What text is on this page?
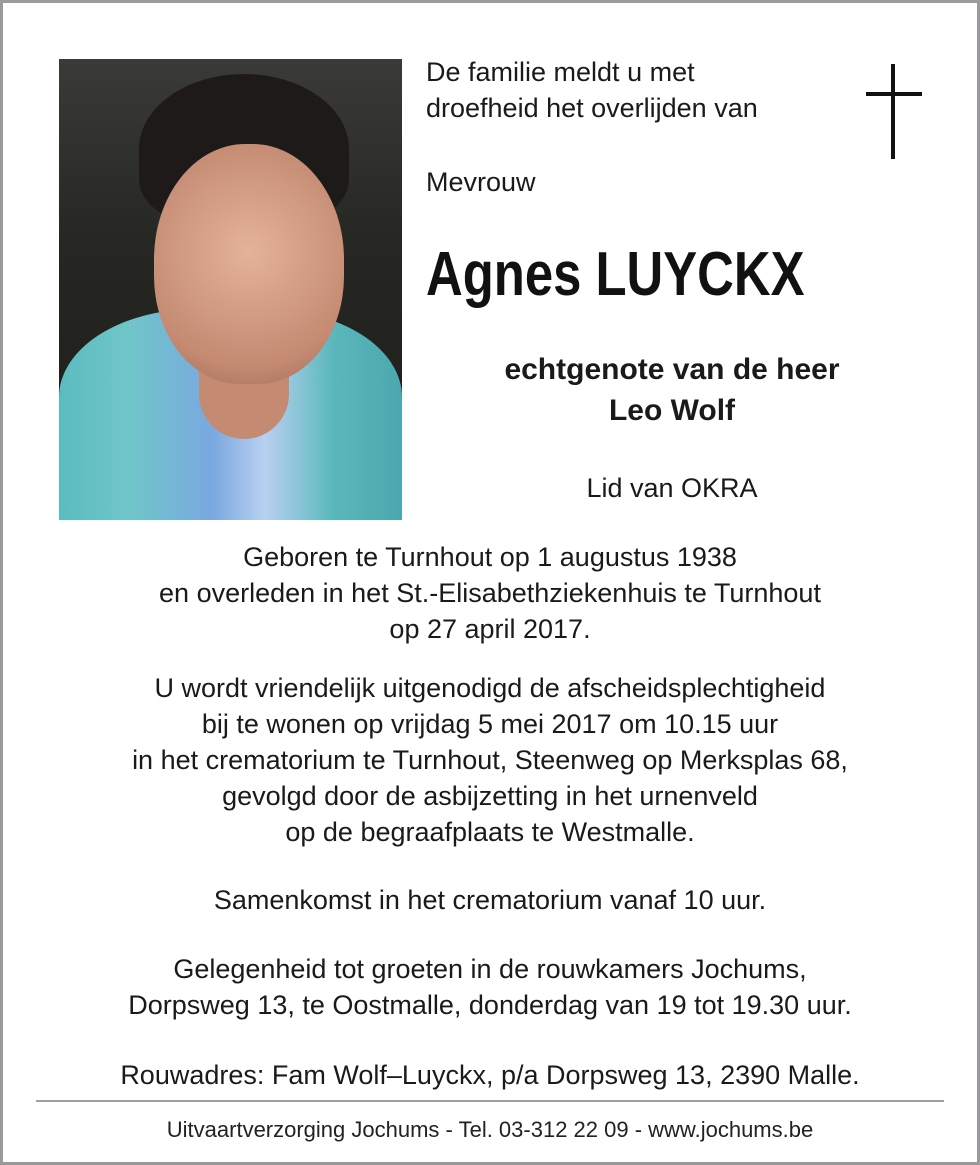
De familie meldt u met
droefheid het overlijden van
Mevrouw
Agnes LUYCKX
echtgenote van de heer
Leo Wolf
Lid van OKRA
Geboren te Turnhout op 1 augustus 1938
en overleden in het St.-Elisabethziekenhuis te Turnhout
op 27 april 2017.
U wordt vriendelijk uitgenodigd de afscheidsplechtigheid
bij te wonen op vrijdag 5 mei 2017 om 10.15 uur
in het crematorium te Turnhout, Steenweg op Merksplas 68,
gevolgd door de asbijzetting in het urnenveld
op de begraafplaats te Westmalle.
Samenkomst in het crematorium vanaf 10 uur.
Gelegenheid tot groeten in de rouwkamers Jochums,
Dorpsweg 13, te Oostmalle, donderdag van 19 tot 19.30 uur.
Rouwadres: Fam Wolf–Luyckx, p/a Dorpsweg 13, 2390 Malle.
Uitvaartverzorging Jochums - Tel. 03-312 22 09 - www.jochums.be
